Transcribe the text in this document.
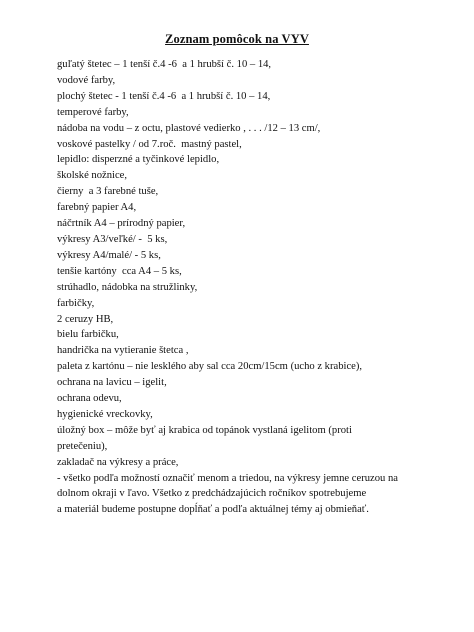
Zoznam pomôcok na VYV
guľatý štetec – 1 tenší č.4 -6  a 1 hrubší č. 10 – 14,
vodové farby,
plochý štetec - 1 tenší č.4 -6  a 1 hrubší č. 10 – 14,
temperové farby,
nádoba na vodu – z octu, plastové vedierko , . . . /12 – 13 cm/,
voskové pastelky / od 7.roč.  mastný pastel,
lepidlo: disperzné a tyčinkové lepidlo,
školské nožnice,
čierny  a 3 farebné tuše,
farebný papier A4,
náčrtník A4 – prírodný papier,
výkresy A3/veľké/ -  5 ks,
výkresy A4/malé/ - 5 ks,
tenšie kartóny  cca A4 – 5 ks,
strúhadlo, nádobka na stružlinky,
farbičky,
2 ceruzy HB,
bielu farbičku,
handrička na vytieranie štetca ,
paleta z kartónu – nie lesklého aby sal cca 20cm/15cm (ucho z krabice),
ochrana na lavicu – igelit,
ochrana odevu,
hygienické vreckovky,
úložný box – môže byť aj krabica od topánok vystlaná igelitom (proti
pretečeniu),
zakladač na výkresy a práce,
- všetko podľa možností označiť menom a triedou, na výkresy jemne ceruzou na
dolnom okraji v ľavo. Všetko z predchádzajúcich ročníkov spotrebujeme
a materiál budeme postupne dopĺňať a podľa aktuálnej témy aj obmieňať.
